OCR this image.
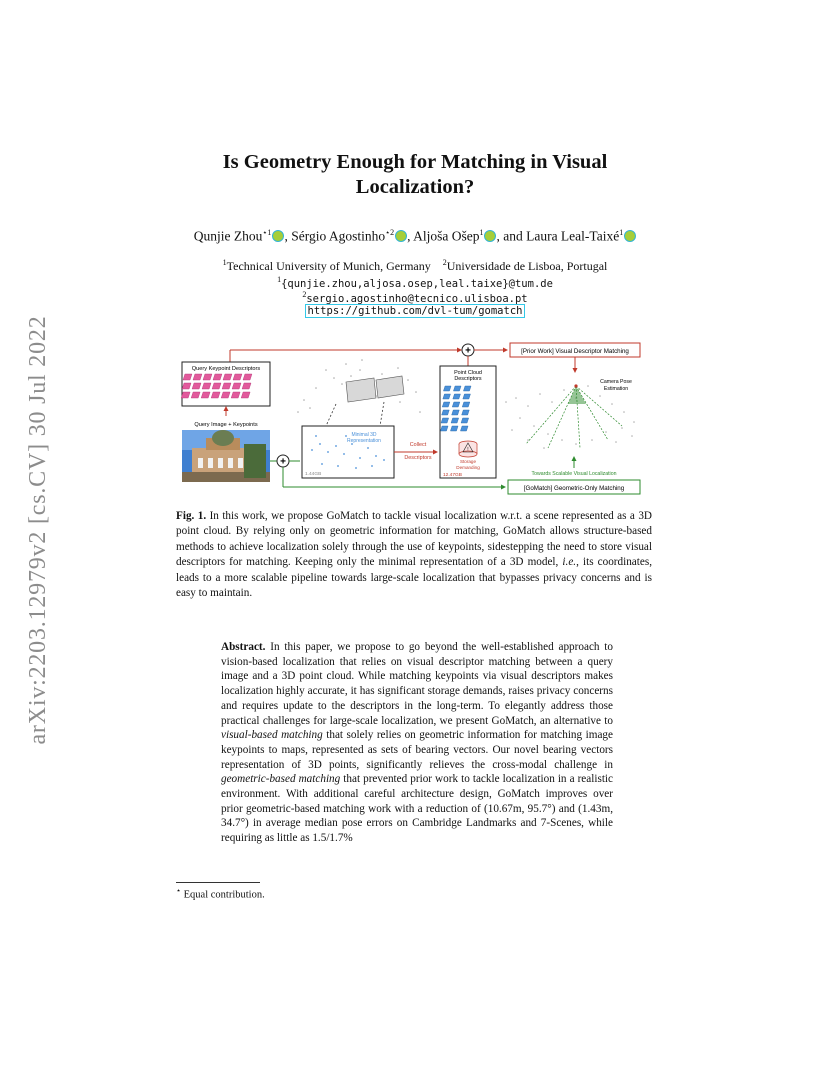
arXiv:2203.12979v2 [cs.CV] 30 Jul 2022
Is Geometry Enough for Matching in Visual
Localization?
Qunjie Zhou$^{⋆1}$ , Sérgio Agostinho$^{⋆2}$ , Aljoša Ošep$^1$ , and Laura Leal-Taixé$^1$
$^1$Technical University of Munich, Germany $^2$Universidade de Lisboa, Portugal
$^1${qunjie.zhou,aljosa.osep,leal.taixe}@tum.de
$^2$sergio.agostinho@tecnico.ulisboa.pt
https://github.com/dvl-tum/gomatch
+	[Prior Work] Visual Descriptor Matching
Query Keypoint Descriptors
Query Image + Keypoints
+
Minimal 3D
Representation
1.44GB
Collect
Descriptors
Point Cloud
Descriptors
!
Storage
Demanding
12.47GB
Camera Pose
Estimation
Towards Scalable Visual Localization
[GoMatch] Geometric-Only Matching
Fig. 1. In this work, we propose GoMatch to tackle visual localization w.r.t. a scene represented as a 3D point cloud. By relying only on geometric information for matching, GoMatch allows structure-based methods to achieve localization solely through the use of keypoints, sidestepping the need to store visual descriptors for matching. Keeping only the minimal representation of a 3D model, i.e., its coordinates, leads to a more scalable pipeline towards large-scale localization that bypasses privacy concerns and is easy to maintain.
Abstract. In this paper, we propose to go beyond the well-established approach to vision-based localization that relies on visual descriptor matching between a query image and a 3D point cloud. While matching keypoints via visual descriptors makes localization highly accurate, it has significant storage demands, raises privacy concerns and requires update to the descriptors in the long-term. To elegantly address those practical challenges for large-scale localization, we present GoMatch, an alternative to visual-based matching that solely relies on geometric information for matching image keypoints to maps, represented as sets of bearing vectors. Our novel bearing vectors representation of 3D points, significantly relieves the cross-modal challenge in geometric-based matching that prevented prior work to tackle localization in a realistic environment. With additional careful architecture design, GoMatch improves over prior geometric-based matching work with a reduction of (10.67m, 95.7°) and (1.43m, 34.7°) in average median pose errors on Cambridge Landmarks and 7-Scenes, while requiring as little as 1.5/1.7%
⋆ Equal contribution.
